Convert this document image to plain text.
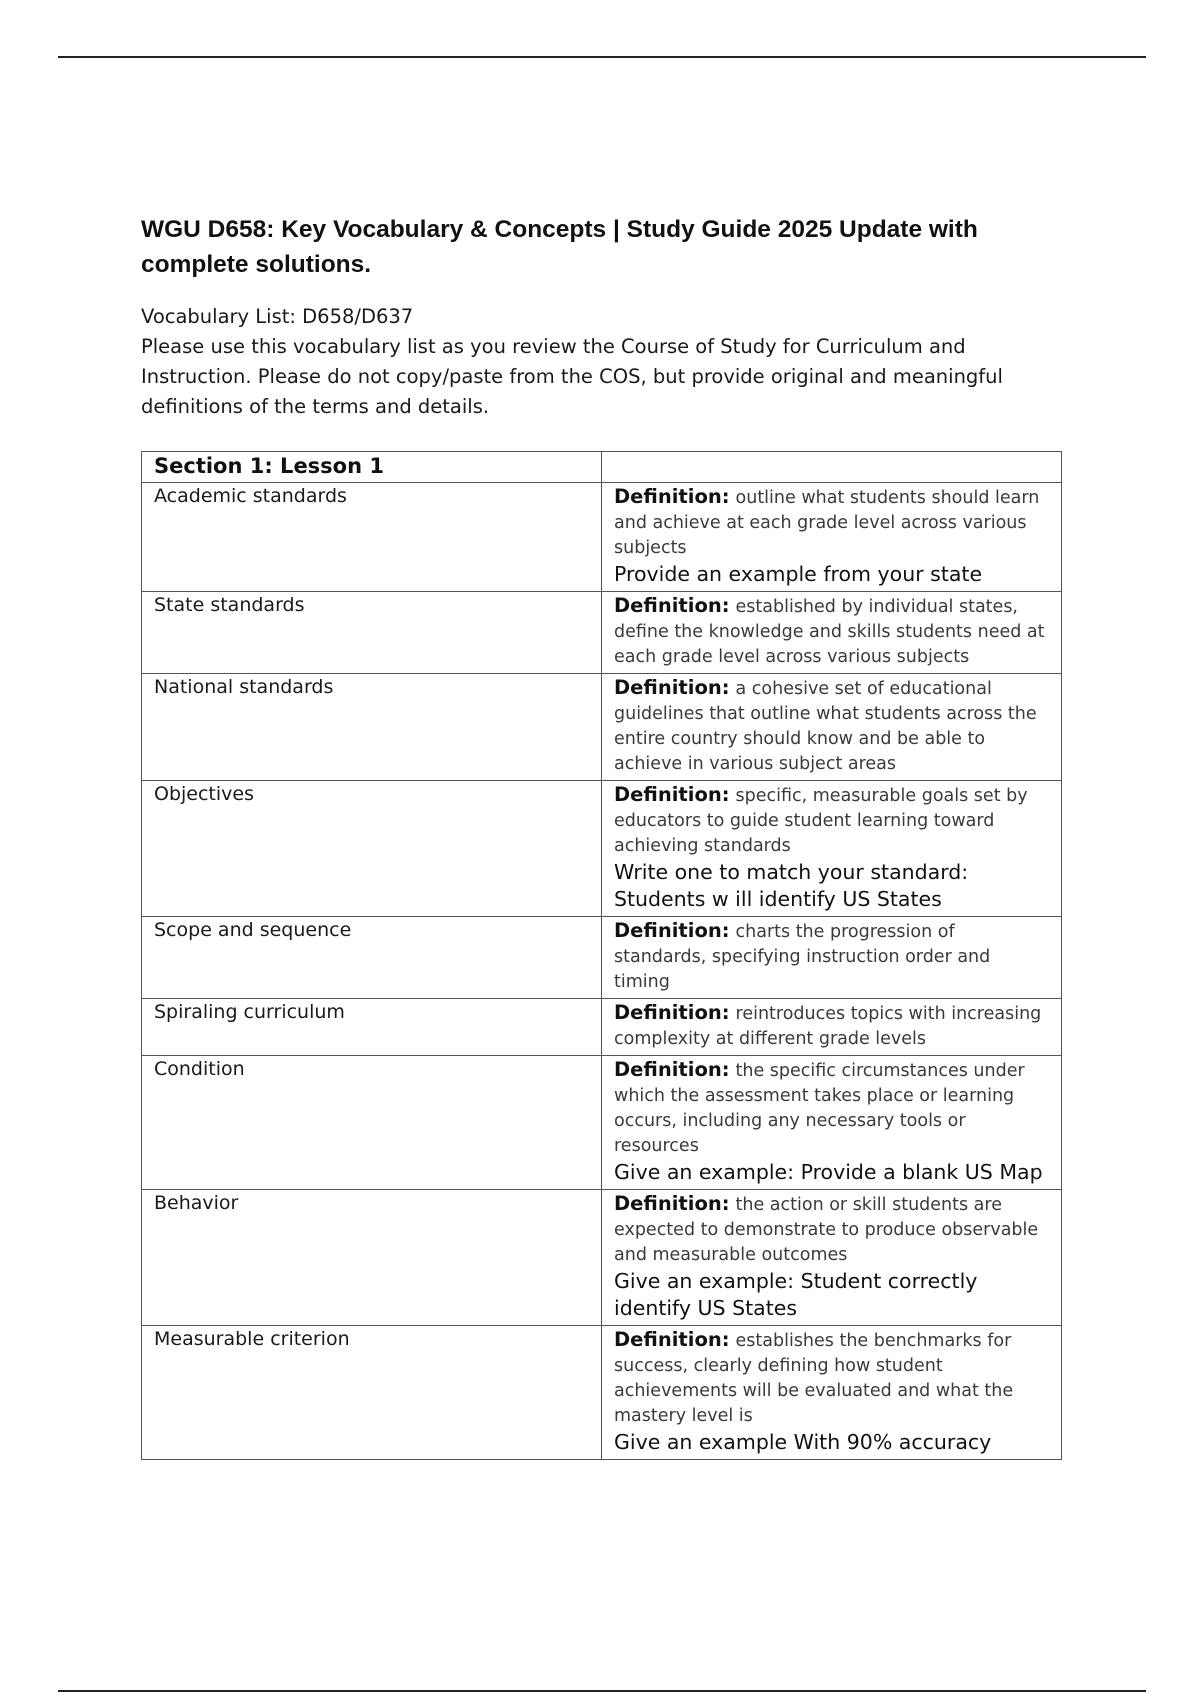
WGU D658: Key Vocabulary & Concepts | Study Guide 2025 Update with complete solutions.

Vocabulary List: D658/D637

Please use this vocabulary list as you review the Course of Study for Curriculum and Instruction. Please do not copy/paste from the COS, but provide original and meaningful definitions of the terms and details.

Section 1: Lesson 1	
Academic standards	Definition: outline what students should learn and achieve at each grade level across various subjects
Provide an example from your state

State standards	Definition: established by individual states, define the knowledge and skills students need at each grade level across various subjects

National standards	Definition: a cohesive set of educational guidelines that outline what students across the entire country should know and be able to achieve in various subject areas

Objectives	Definition: specific, measurable goals set by educators to guide student learning toward achieving standards
Write one to match your standard: Students w ill identify US States

Scope and sequence	Definition: charts the progression of standards, specifying instruction order and timing

Spiraling curriculum	Definition: reintroduces topics with increasing complexity at different grade levels

Condition	Definition: the specific circumstances under which the assessment takes place or learning occurs, including any necessary tools or resources
Give an example: Provide a blank US Map

Behavior	Definition: the action or skill students are expected to demonstrate to produce observable and measurable outcomes
Give an example: Student correctly identify US States

Measurable criterion	Definition: establishes the benchmarks for success, clearly defining how student achievements will be evaluated and what the mastery level is
Give an example With 90% accuracy
